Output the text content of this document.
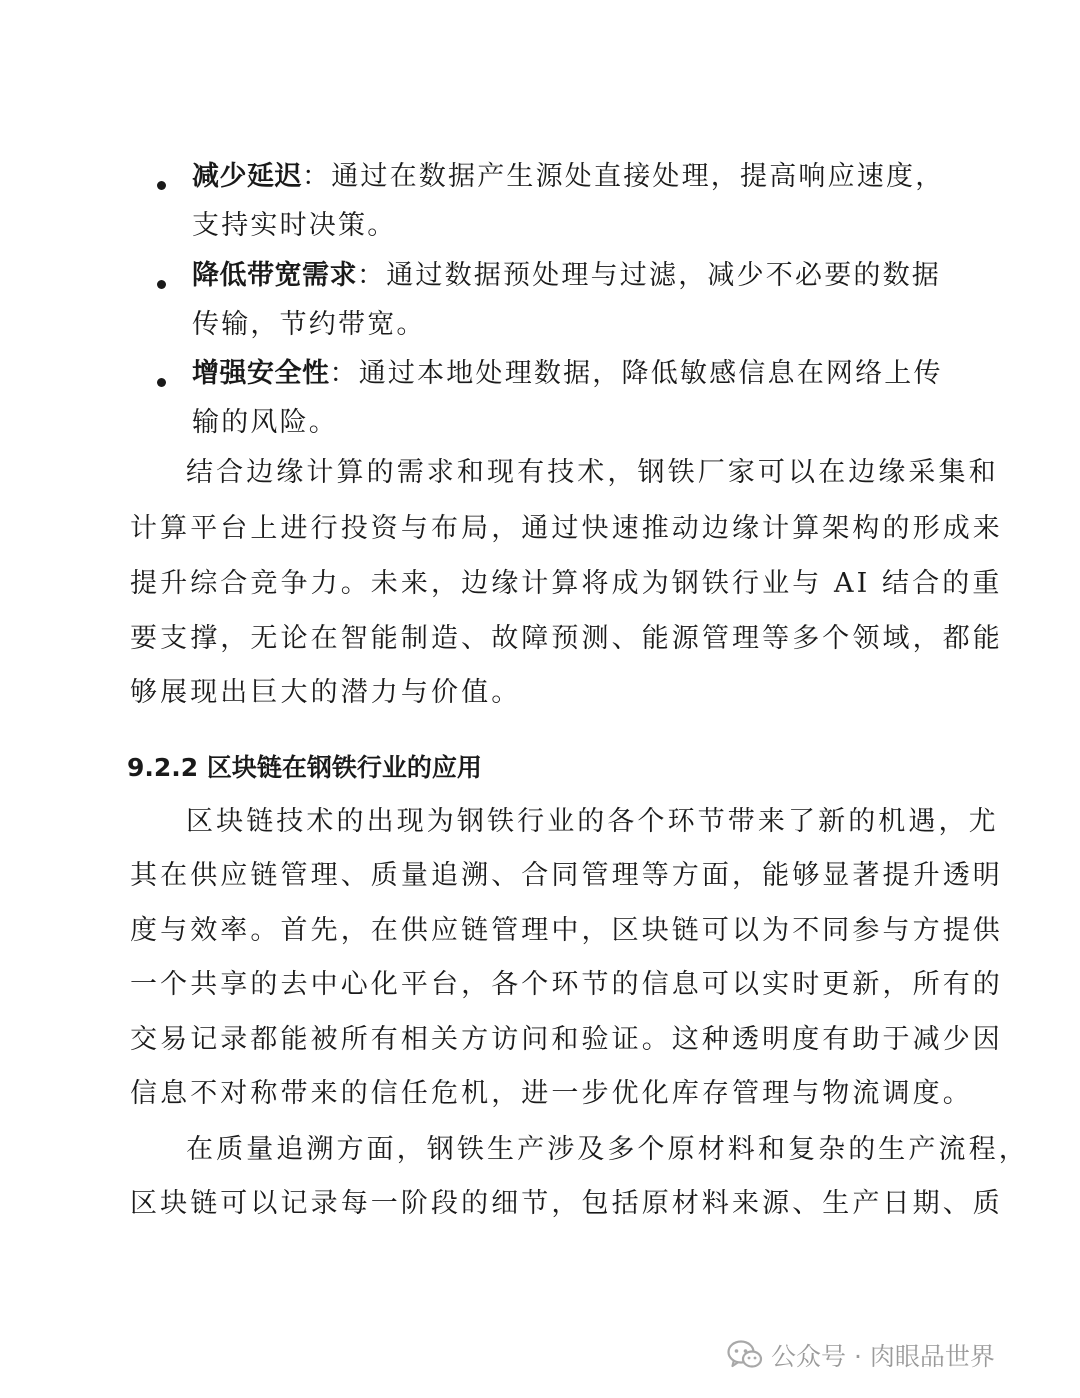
减少延迟：通过在数据产生源处直接处理，提高响应速度，
支持实时决策。
降低带宽需求：通过数据预处理与过滤，减少不必要的数据
传输，节约带宽。
增强安全性：通过本地处理数据，降低敏感信息在网络上传
输的风险。
结合边缘计算的需求和现有技术，钢铁厂家可以在边缘采集和
计算平台上进行投资与布局，通过快速推动边缘计算架构的形成来
提升综合竞争力。未来，边缘计算将成为钢铁行业与 AI 结合的重
要支撑，无论在智能制造、故障预测、能源管理等多个领域，都能
够展现出巨大的潜力与价值。
9.2.2 区块链在钢铁行业的应用
区块链技术的出现为钢铁行业的各个环节带来了新的机遇，尤
其在供应链管理、质量追溯、合同管理等方面，能够显著提升透明
度与效率。首先，在供应链管理中，区块链可以为不同参与方提供
一个共享的去中心化平台，各个环节的信息可以实时更新，所有的
交易记录都能被所有相关方访问和验证。这种透明度有助于减少因
信息不对称带来的信任危机，进一步优化库存管理与物流调度。
在质量追溯方面，钢铁生产涉及多个原材料和复杂的生产流程，
区块链可以记录每一阶段的细节，包括原材料来源、生产日期、质
公众号 · 肉眼品世界
